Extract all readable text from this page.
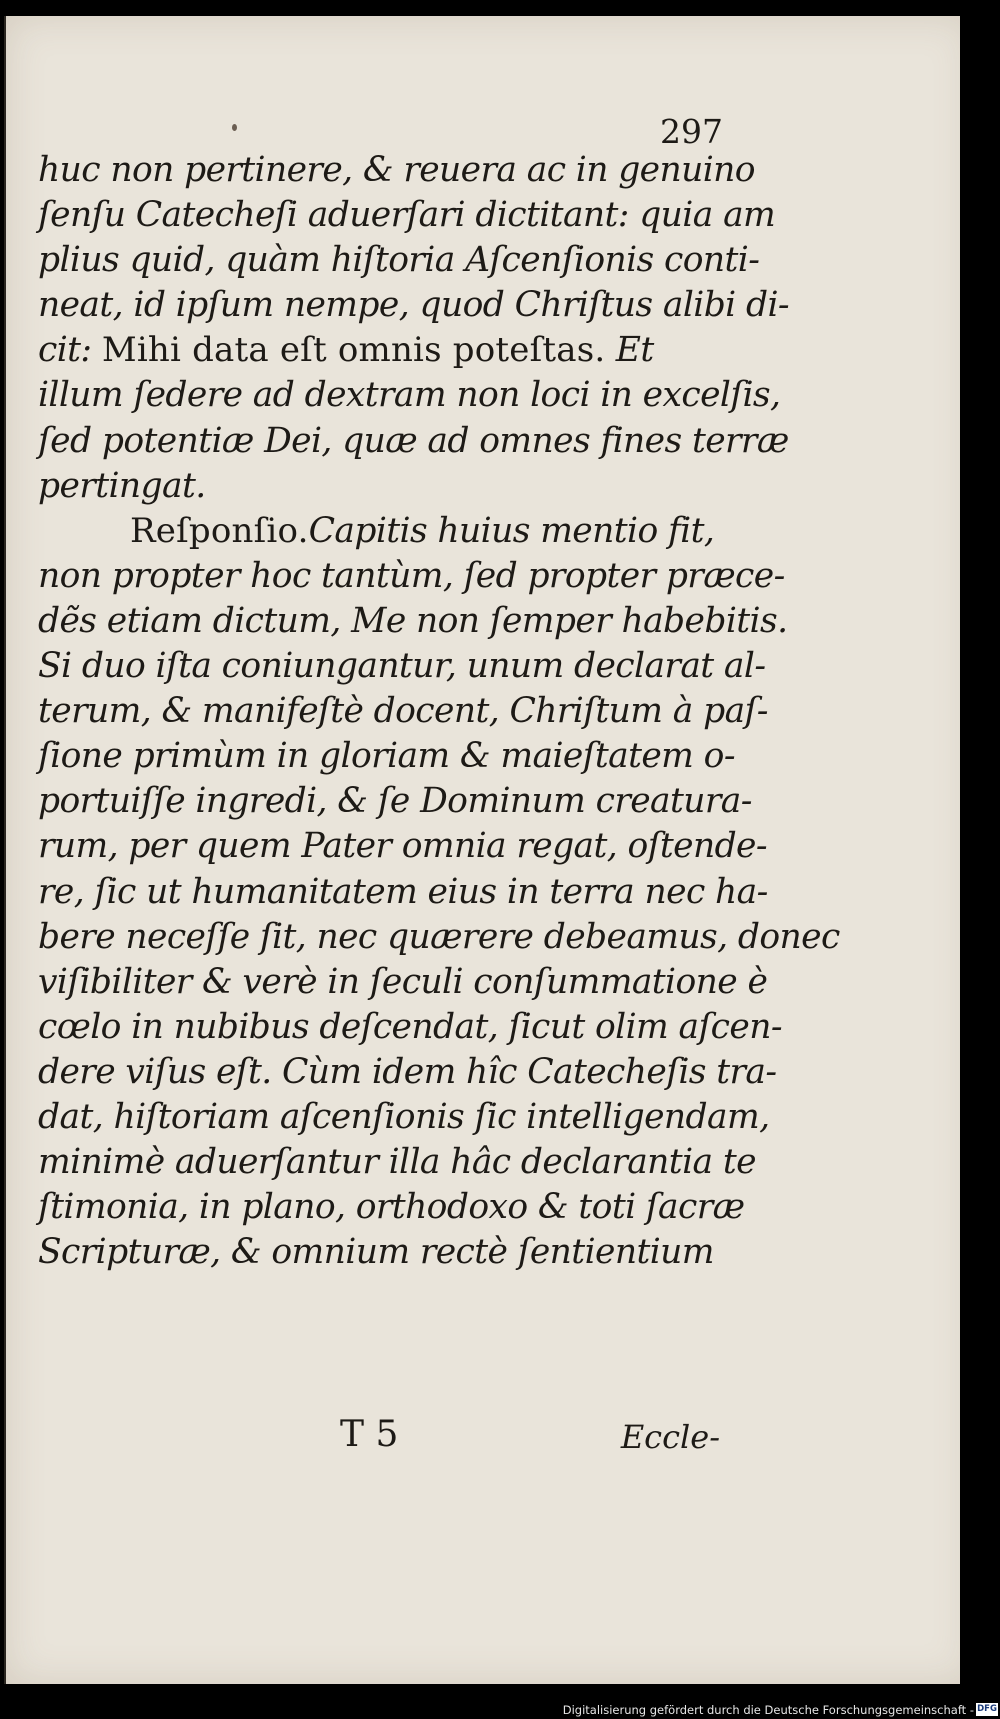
297
huc non pertinere, & reuera ac in genuino
ſenſu Catecheſi aduerſari dictitant: quia am
plius quid, quàm hiſtoria Aſcenſionis conti-
neat, id ipſum nempe, quod Chriſtus alibi di-
cit: Mihi data eſt omnis poteſtas. Et
illum ſedere ad dextram non loci in excelſis,
ſed potentiæ Dei, quæ ad omnes fines terræ
pertingat.
Reſponſio.Capitis huius mentio fit,
non propter hoc tantùm, ſed propter præce-
dẽs etiam dictum, Me non ſemper habebitis.
Si duo iſta coniungantur, unum declarat al-
terum, & manifeſtè docent, Chriſtum à paſ-
ſione primùm in gloriam & maieſtatem o-
portuiſſe ingredi, & ſe Dominum creatura-
rum, per quem Pater omnia regat, oſtende-
re, ſic ut humanitatem eius in terra nec ha-
bere neceſſe ſit, nec quærere debeamus, donec
viſibiliter & verè in ſeculi conſummatione è
cœlo in nubibus deſcendat, ſicut olim aſcen-
dere viſus eſt. Cùm idem hîc Catecheſis tra-
dat, hiſtoriam aſcenſionis ſic intelligendam,
minimè aduerſantur illa hâc declarantia te
ſtimonia, in plano, orthodoxo & toti ſacræ
Scripturæ, & omnium rectè ſentientium
T 5	Eccle-
Digitalisierung gefördert durch die Deutsche Forschungsgemeinschaft - DFG
